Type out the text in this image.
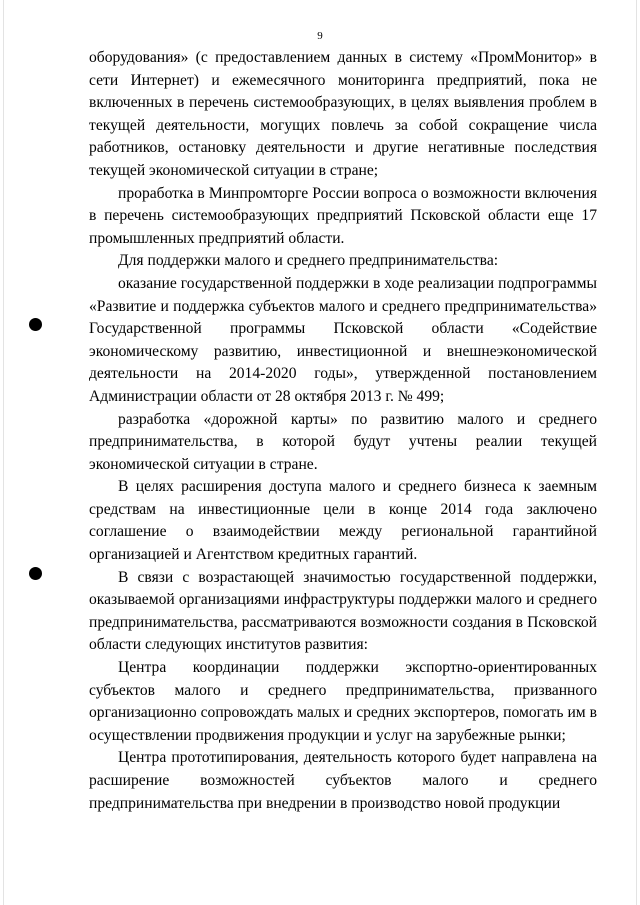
9

оборудования» (с предоставлением данных в систему «ПромМонитор» в сети Интернет) и ежемесячного мониторинга предприятий, пока не включенных в перечень системообразующих, в целях выявления проблем в текущей деятельности, могущих повлечь за собой сокращение числа работников, остановку деятельности и другие негативные последствия текущей экономической ситуации в стране;

проработка в Минпромторге России вопроса о возможности включения в перечень системообразующих предприятий Псковской области еще 17 промышленных предприятий области.

Для поддержки малого и среднего предпринимательства:

оказание государственной поддержки в ходе реализации подпрограммы «Развитие и поддержка субъектов малого и среднего предпринимательства» Государственной программы Псковской области «Содействие экономическому развитию, инвестиционной и внешнеэкономической деятельности на 2014-2020 годы», утвержденной постановлением Администрации области от 28 октября 2013 г. № 499;

разработка «дорожной карты» по развитию малого и среднего предпринимательства, в которой будут учтены реалии текущей экономической ситуации в стране.

В целях расширения доступа малого и среднего бизнеса к заемным средствам на инвестиционные цели в конце 2014 года заключено соглашение о взаимодействии между региональной гарантийной организацией и Агентством кредитных гарантий.

В связи с возрастающей значимостью государственной поддержки, оказываемой организациями инфраструктуры поддержки малого и среднего предпринимательства, рассматриваются возможности создания в Псковской области следующих институтов развития:

Центра координации поддержки экспортно-ориентированных субъектов малого и среднего предпринимательства, призванного организационно сопровождать малых и средних экспортеров, помогать им в осуществлении продвижения продукции и услуг на зарубежные рынки;

Центра прототипирования, деятельность которого будет направлена на расширение возможностей субъектов малого и среднего предпринимательства при внедрении в производство новой продукции
